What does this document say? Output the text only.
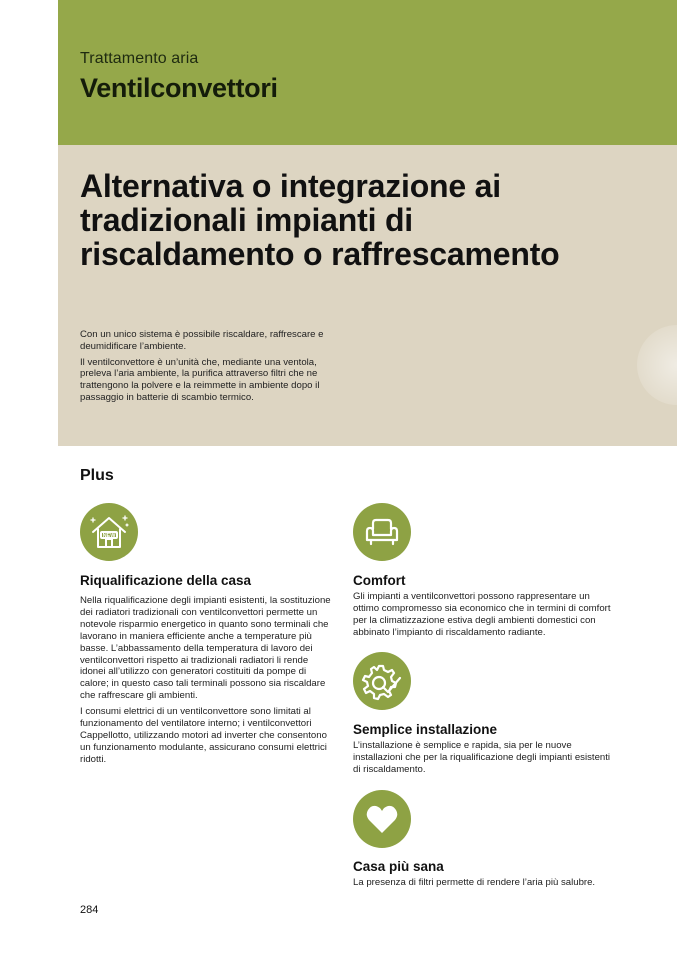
Trattamento aria
Ventilconvettori
Alternativa o integrazione ai tradizionali impianti di riscaldamento o raffrescamento

Con un unico sistema è possibile riscaldare, raffrescare e deumidificare l’ambiente.

Il ventilconvettore è un’unità che, mediante una ventola, preleva l’aria ambiente, la purifica attraverso filtri che ne trattengono la polvere e la reimmette in ambiente dopo il passaggio in batterie di scambio termico.

Plus
NEW
Riqualificazione della casa

Nella riqualificazione degli impianti esistenti, la sostituzione dei radiatori tradizionali con ventilconvettori permette un notevole risparmio energetico in quanto sono terminali che lavorano in maniera efficiente anche a temperature più basse. L’abbassamento della temperatura di lavoro dei ventilconvettori rispetto ai tradizionali radiatori li rende idonei all’utilizzo con generatori costituiti da pompe di calore; in questo caso tali terminali possono sia riscaldare che raffrescare gli ambienti.

I consumi elettrici di un ventilconvettore sono limitati al funzionamento del ventilatore interno; i ventilconvettori Cappellotto, utilizzando motori ad inverter che consentono un funzionamento modulante, assicurano consumi elettrici ridotti.

Comfort

Gli impianti a ventilconvettori possono rappresentare un ottimo compromesso sia economico che in termini di comfort per la climatizzazione estiva degli ambienti domestici con abbinato l’impianto di riscaldamento radiante.

Semplice installazione

L’installazione è semplice e rapida, sia per le nuove installazioni che per la riqualificazione degli impianti esistenti di riscaldamento.

Casa più sana

La presenza di filtri permette di rendere l’aria più salubre.

284
